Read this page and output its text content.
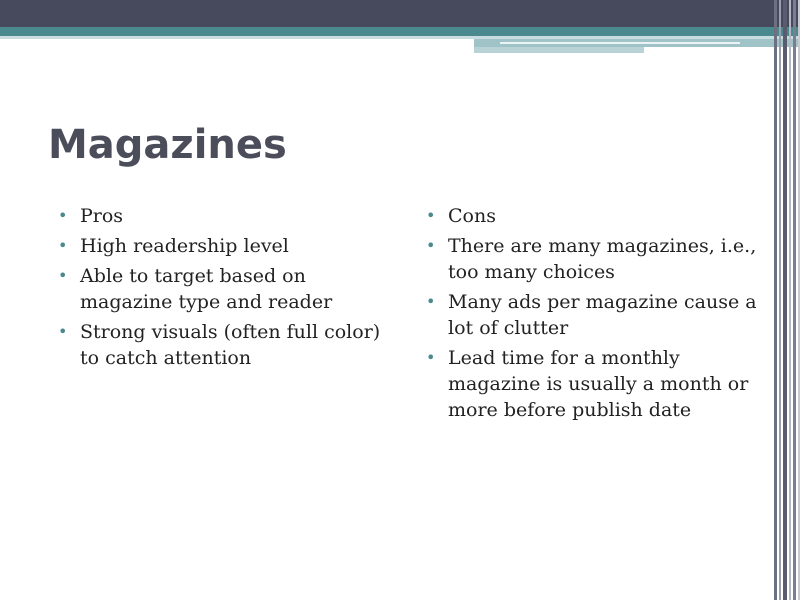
Magazines
• Pros
• High readership level
• Able to target based on magazine type and reader
• Strong visuals (often full color) to catch attention
• Cons
• There are many magazines, i.e., too many choices
• Many ads per magazine cause a lot of clutter
• Lead time for a monthly magazine is usually a month or more before publish date
